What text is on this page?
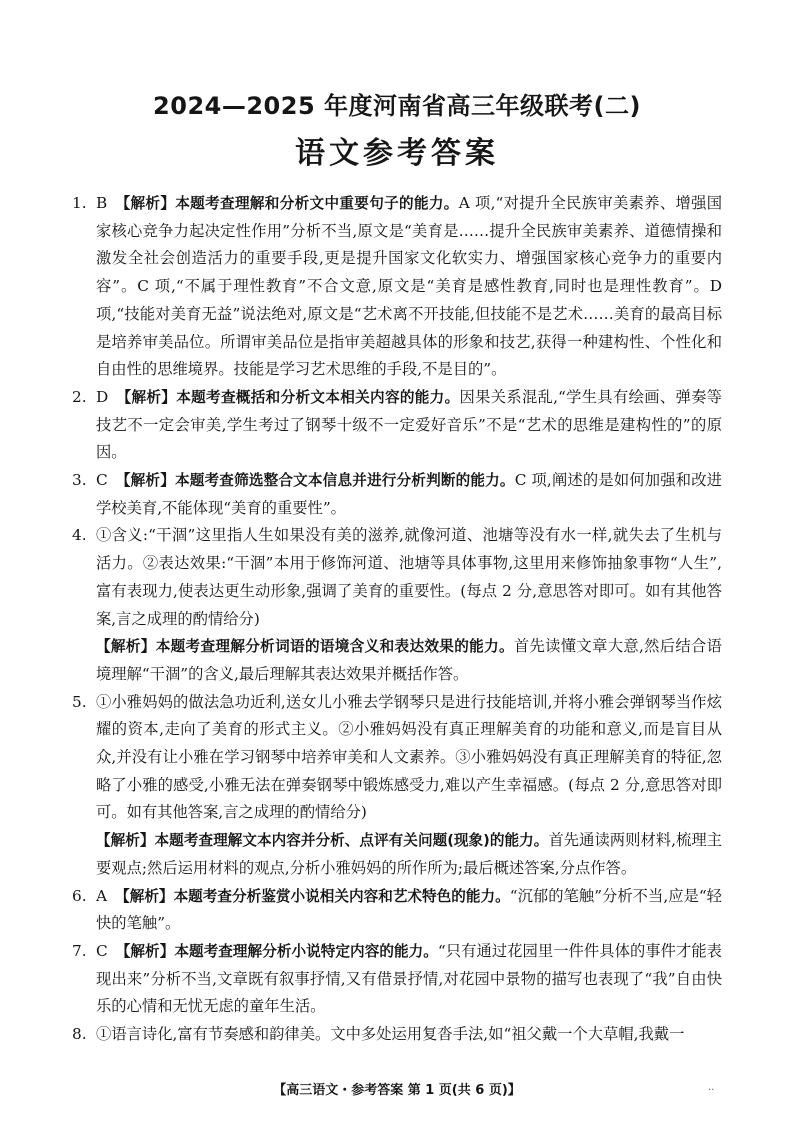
2024—2025 年度河南省高三年级联考(二)
语文参考答案
1. B 【解析】本题考查理解和分析文中重要句子的能力。A 项,“对提升全民族审美素养、增强国家核心竞争力起决定性作用”分析不当,原文是“美育是……提升全民族审美素养、道德情操和激发全社会创造活力的重要手段,更是提升国家文化软实力、增强国家核心竞争力的重要内容”。C 项,“不属于理性教育”不合文意,原文是“美育是感性教育,同时也是理性教育”。D 项,“技能对美育无益”说法绝对,原文是“艺术离不开技能,但技能不是艺术……美育的最高目标是培养审美品位。所谓审美品位是指审美超越具体的形象和技艺,获得一种建构性、个性化和自由性的思维境界。技能是学习艺术思维的手段,不是目的”。
2. D 【解析】本题考查概括和分析文本相关内容的能力。因果关系混乱,“学生具有绘画、弹奏等技艺不一定会审美,学生考过了钢琴十级不一定爱好音乐”不是“艺术的思维是建构性的”的原因。
3. C 【解析】本题考查筛选整合文本信息并进行分析判断的能力。C 项,阐述的是如何加强和改进学校美育,不能体现“美育的重要性”。
4. ①含义:“干涸”这里指人生如果没有美的滋养,就像河道、池塘等没有水一样,就失去了生机与活力。②表达效果:“干涸”本用于修饰河道、池塘等具体事物,这里用来修饰抽象事物“人生”,富有表现力,使表达更生动形象,强调了美育的重要性。(每点 2 分,意思答对即可。如有其他答案,言之成理的酌情给分)
【解析】本题考查理解分析词语的语境含义和表达效果的能力。首先读懂文章大意,然后结合语境理解“干涸”的含义,最后理解其表达效果并概括作答。
5. ①小雅妈妈的做法急功近利,送女儿小雅去学钢琴只是进行技能培训,并将小雅会弹钢琴当作炫耀的资本,走向了美育的形式主义。②小雅妈妈没有真正理解美育的功能和意义,而是盲目从众,并没有让小雅在学习钢琴中培养审美和人文素养。③小雅妈妈没有真正理解美育的特征,忽略了小雅的感受,小雅无法在弹奏钢琴中锻炼感受力,难以产生幸福感。(每点 2 分,意思答对即可。如有其他答案,言之成理的酌情给分)
【解析】本题考查理解文本内容并分析、点评有关问题(现象)的能力。首先通读两则材料,梳理主要观点;然后运用材料的观点,分析小雅妈妈的所作所为;最后概述答案,分点作答。
6. A 【解析】本题考查分析鉴赏小说相关内容和艺术特色的能力。“沉郁的笔触”分析不当,应是“轻快的笔触”。
7. C 【解析】本题考查理解分析小说特定内容的能力。“只有通过花园里一件件具体的事件才能表现出来”分析不当,文章既有叙事抒情,又有借景抒情,对花园中景物的描写也表现了“我”自由快乐的心情和无忧无虑的童年生活。
8. ①语言诗化,富有节奏感和韵律美。文中多处运用复沓手法,如“祖父戴一个大草帽,我戴一
【高三语文・参考答案 第 1 页(共 6 页)】	..
